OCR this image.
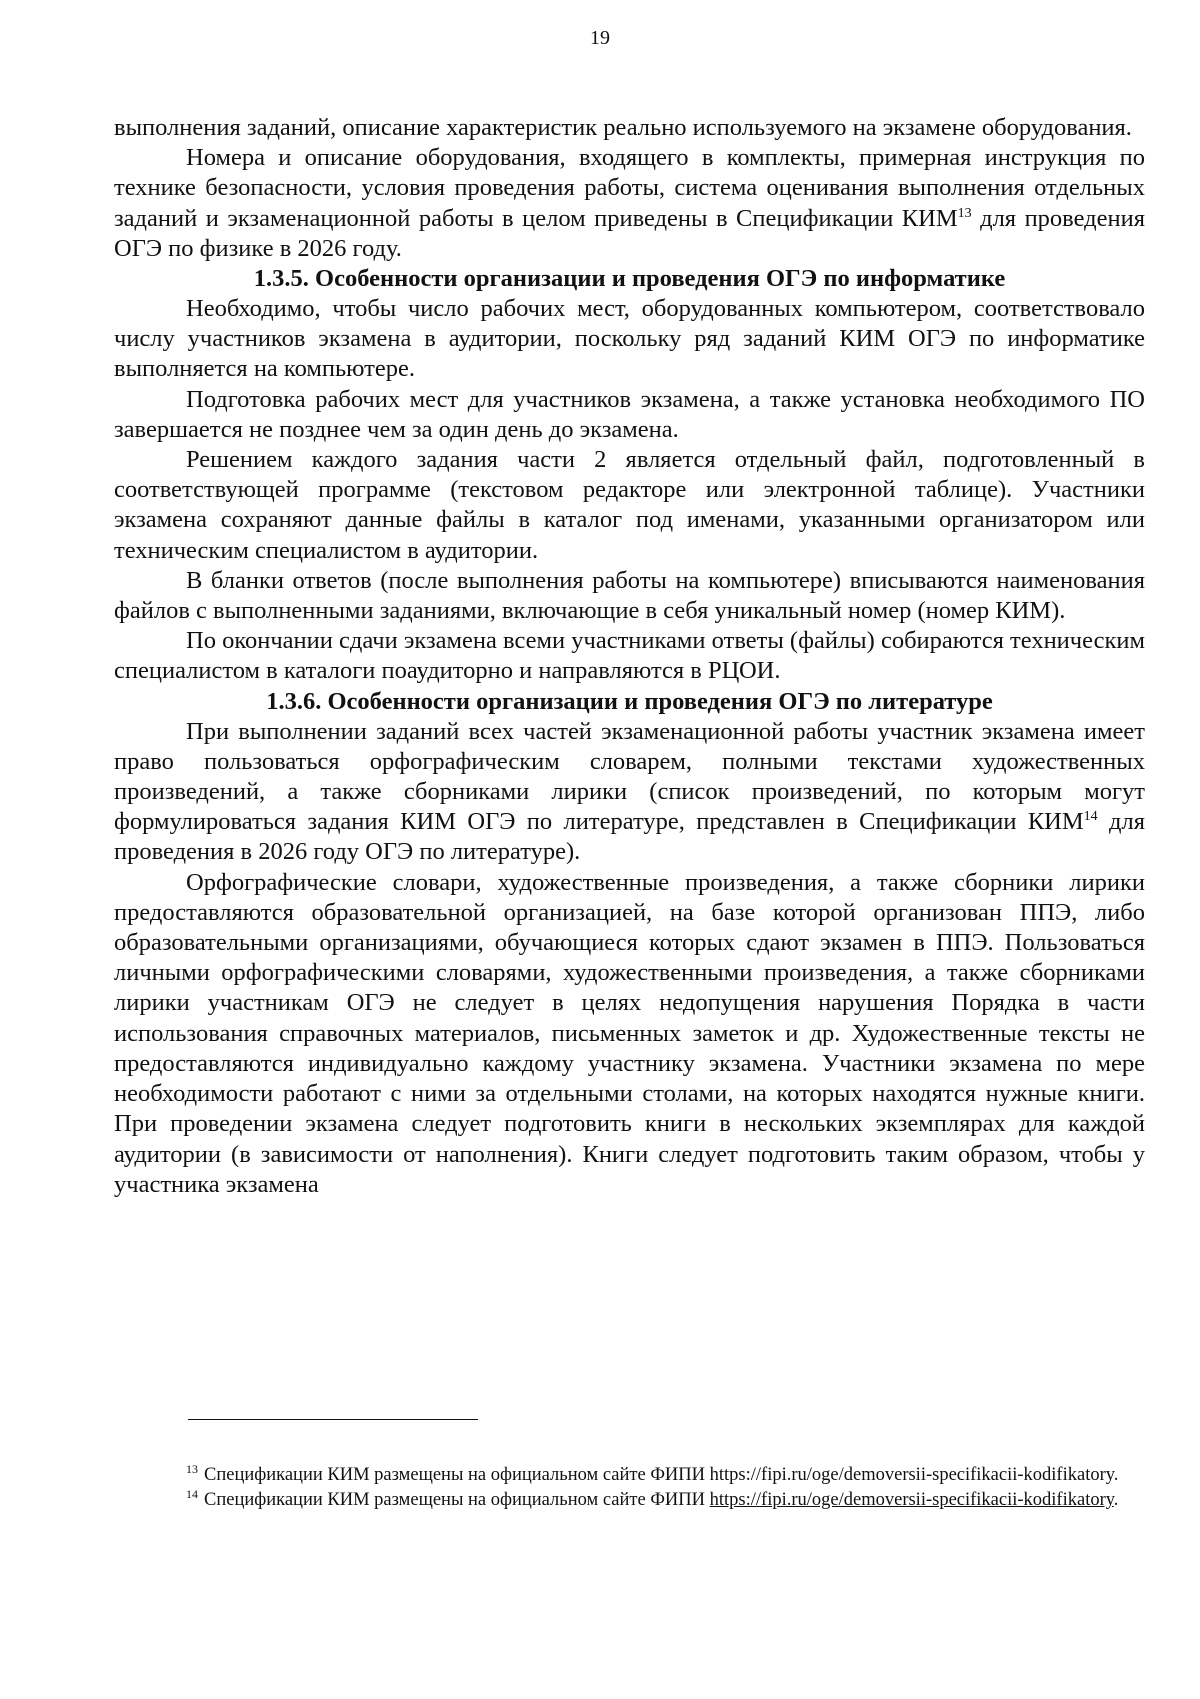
19

выполнения заданий, описание характеристик реально используемого на экзамене оборудования.

Номера и описание оборудования, входящего в комплекты, примерная инструкция по технике безопасности, условия проведения работы, система оценивания выполнения отдельных заданий и экзаменационной работы в целом приведены в Спецификации КИМ$^{13}$ для проведения ОГЭ по физике в 2026 году.

1.3.5. Особенности организации и проведения ОГЭ по информатике

Необходимо, чтобы число рабочих мест, оборудованных компьютером, соответствовало числу участников экзамена в аудитории, поскольку ряд заданий КИМ ОГЭ по информатике выполняется на компьютере.

Подготовка рабочих мест для участников экзамена, а также установка необходимого ПО завершается не позднее чем за один день до экзамена.

Решением каждого задания части 2 является отдельный файл, подготовленный в соответствующей программе (текстовом редакторе или электронной таблице). Участники экзамена сохраняют данные файлы в каталог под именами, указанными организатором или техническим специалистом в аудитории.

В бланки ответов (после выполнения работы на компьютере) вписываются наименования файлов с выполненными заданиями, включающие в себя уникальный номер (номер КИМ).

По окончании сдачи экзамена всеми участниками ответы (файлы) собираются техническим специалистом в каталоги поаудиторно и направляются в РЦОИ.

1.3.6. Особенности организации и проведения ОГЭ по литературе

При выполнении заданий всех частей экзаменационной работы участник экзамена имеет право пользоваться орфографическим словарем, полными текстами художественных произведений, а также сборниками лирики (список произведений, по которым могут формулироваться задания КИМ ОГЭ по литературе, представлен в Спецификации КИМ$^{14}$ для проведения в 2026 году ОГЭ по литературе).

Орфографические словари, художественные произведения, а также сборники лирики предоставляются образовательной организацией, на базе которой организован ППЭ, либо образовательными организациями, обучающиеся которых сдают экзамен в ППЭ. Пользоваться личными орфографическими словарями, художественными произведения, а также сборниками лирики участникам ОГЭ не следует в целях недопущения нарушения Порядка в части использования справочных материалов, письменных заметок и др. Художественные тексты не предоставляются индивидуально каждому участнику экзамена. Участники экзамена по мере необходимости работают с ними за отдельными столами, на которых находятся нужные книги. При проведении экзамена следует подготовить книги в нескольких экземплярах для каждой аудитории (в зависимости от наполнения). Книги следует подготовить таким образом, чтобы у участника экзамена

$^{13}$ Спецификации КИМ размещены на официальном сайте ФИПИ https://fipi.ru/oge/demoversii-specifikacii-kodifikatory.

$^{14}$ Спецификации КИМ размещены на официальном сайте ФИПИ https://fipi.ru/oge/demoversii-specifikacii-kodifikatory.
